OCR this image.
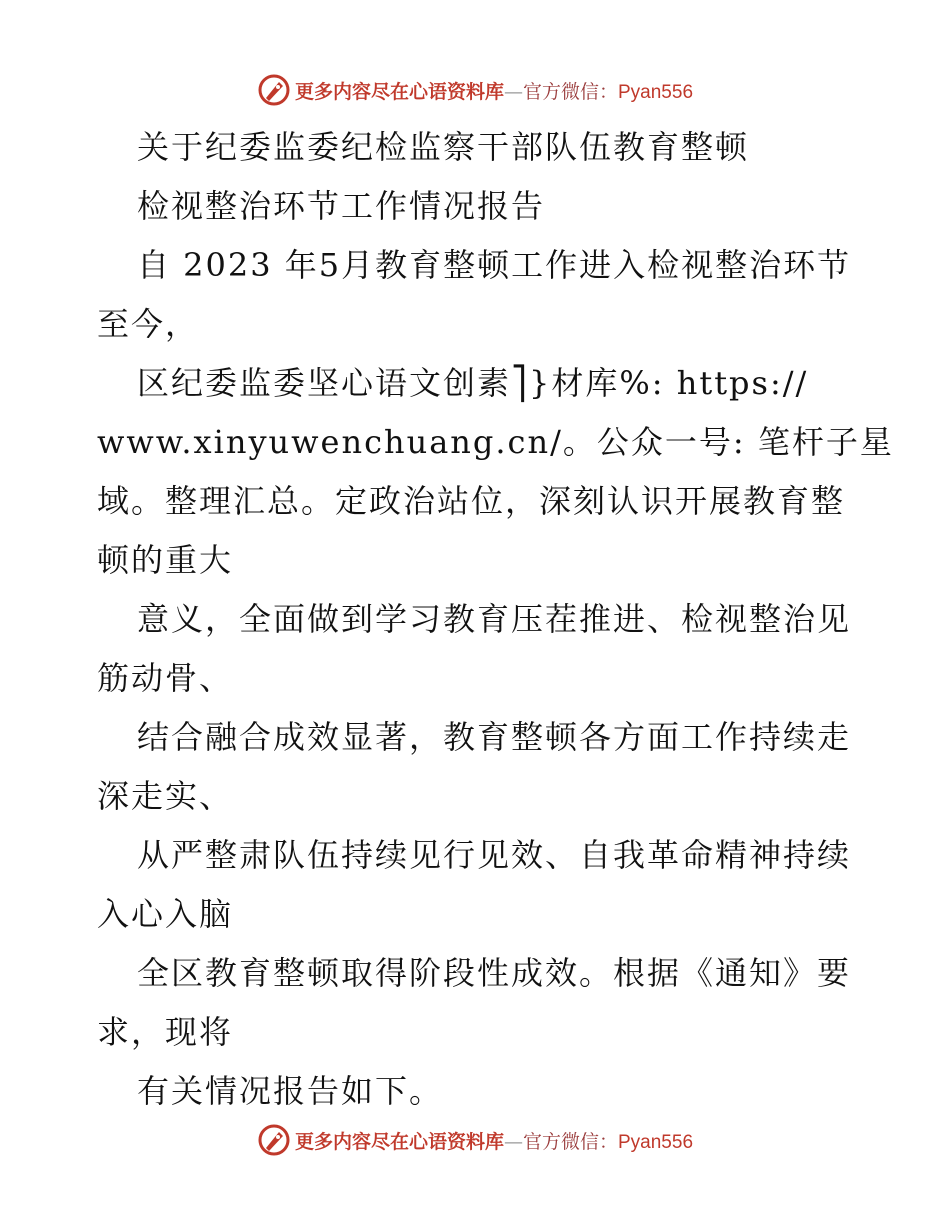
更多内容尽在心语资料库—官方微信：Pyan556
关于纪委监委纪检监察干部队伍教育整顿
检视整治环节工作情况报告
自 2023 年5月教育整顿工作进入检视整治环节
至今，
区纪委监委坚心语文创素⎤}材库%: https://
www.xinyuwenchuang.cn/。公众一号: 笔杆子星
域。整理汇总。定政治站位，深刻认识开展教育整
顿的重大
意义，全面做到学习教育压茬推进、检视整治见
筋动骨、
结合融合成效显著，教育整顿各方面工作持续走
深走实、
从严整肃队伍持续见行见效、自我革命精神持续
入心入脑
全区教育整顿取得阶段性成效。根据《通知》要
求，现将
有关情况报告如下。
更多内容尽在心语资料库—官方微信：Pyan556
